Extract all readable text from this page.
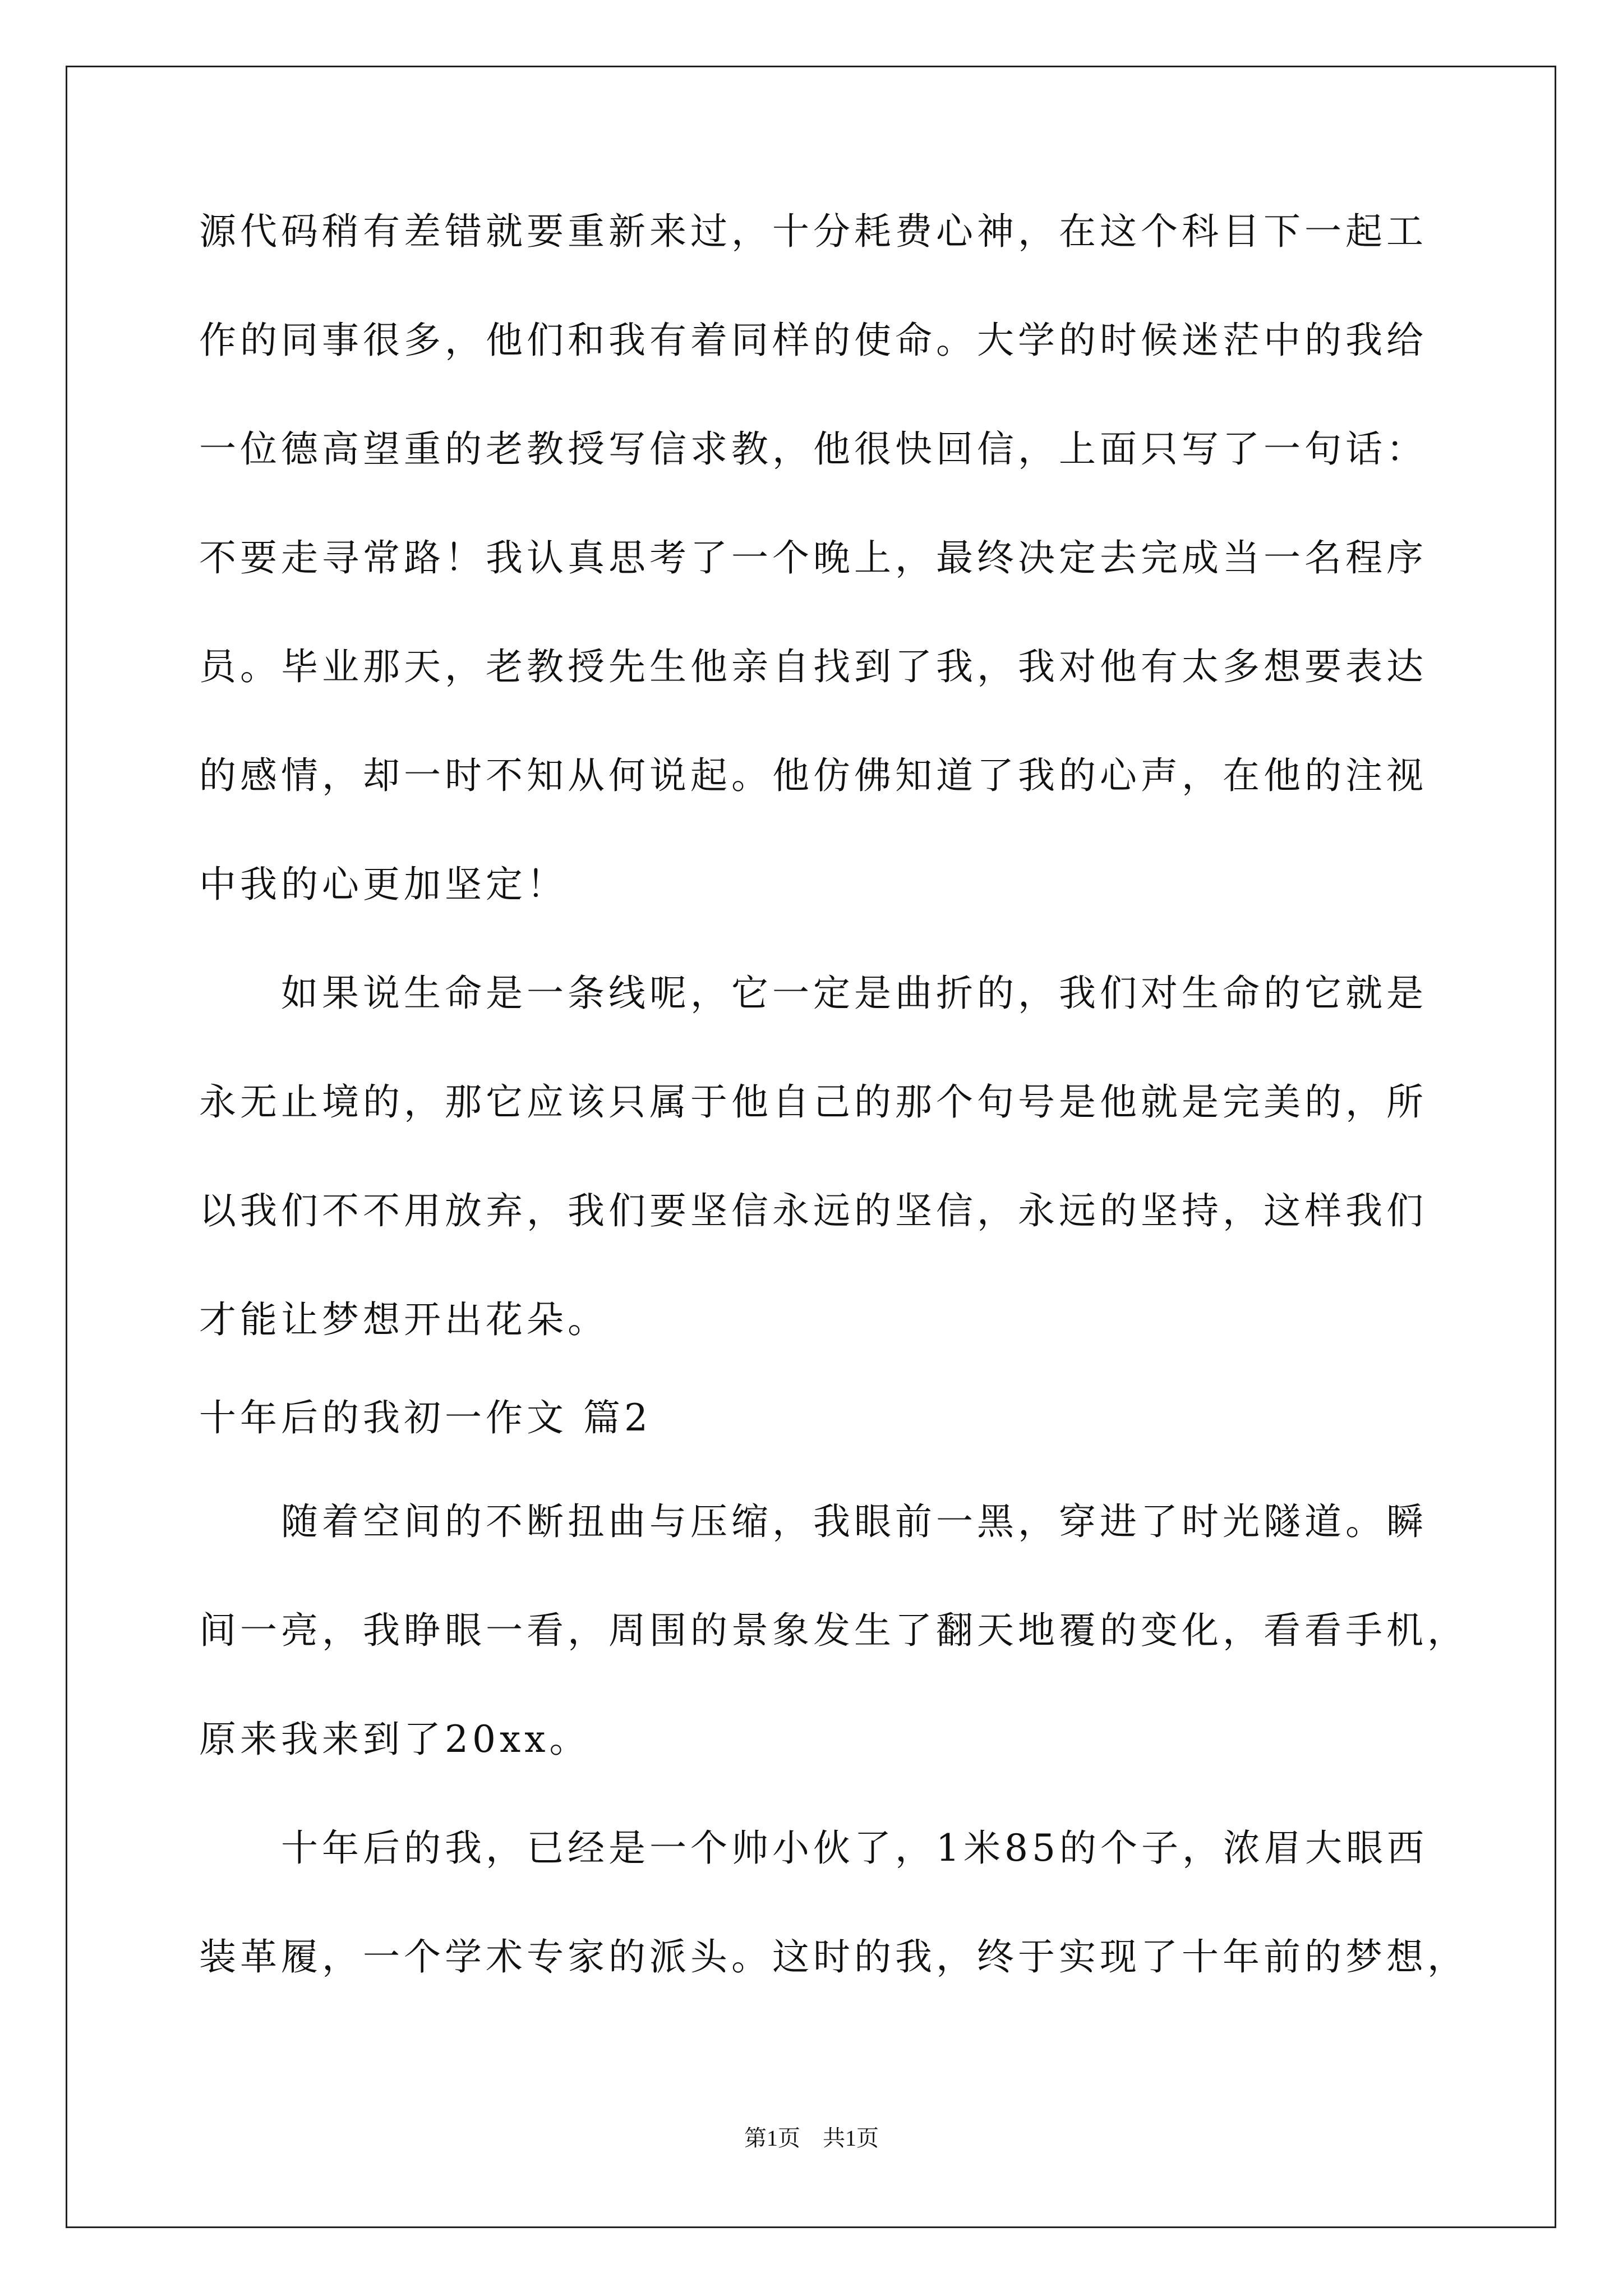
源代码稍有差错就要重新来过，十分耗费心神，在这个科目下一起工
作的同事很多，他们和我有着同样的使命。大学的时候迷茫中的我给
一位德高望重的老教授写信求教，他很快回信，上面只写了一句话：
不要走寻常路！我认真思考了一个晚上，最终决定去完成当一名程序
员。毕业那天，老教授先生他亲自找到了我，我对他有太多想要表达
的感情，却一时不知从何说起。他仿佛知道了我的心声，在他的注视
中我的心更加坚定！
如果说生命是一条线呢，它一定是曲折的，我们对生命的它就是
永无止境的，那它应该只属于他自己的那个句号是他就是完美的，所
以我们不不用放弃，我们要坚信永远的坚信，永远的坚持，这样我们
才能让梦想开出花朵。
十年后的我初一作文 篇2
随着空间的不断扭曲与压缩，我眼前一黑，穿进了时光隧道。瞬
间一亮，我睁眼一看，周围的景象发生了翻天地覆的变化，看看手机，
原来我来到了20xx。
十年后的我，已经是一个帅小伙了，1米85的个子，浓眉大眼西
装革履，一个学术专家的派头。这时的我，终于实现了十年前的梦想，
第1页　共1页
